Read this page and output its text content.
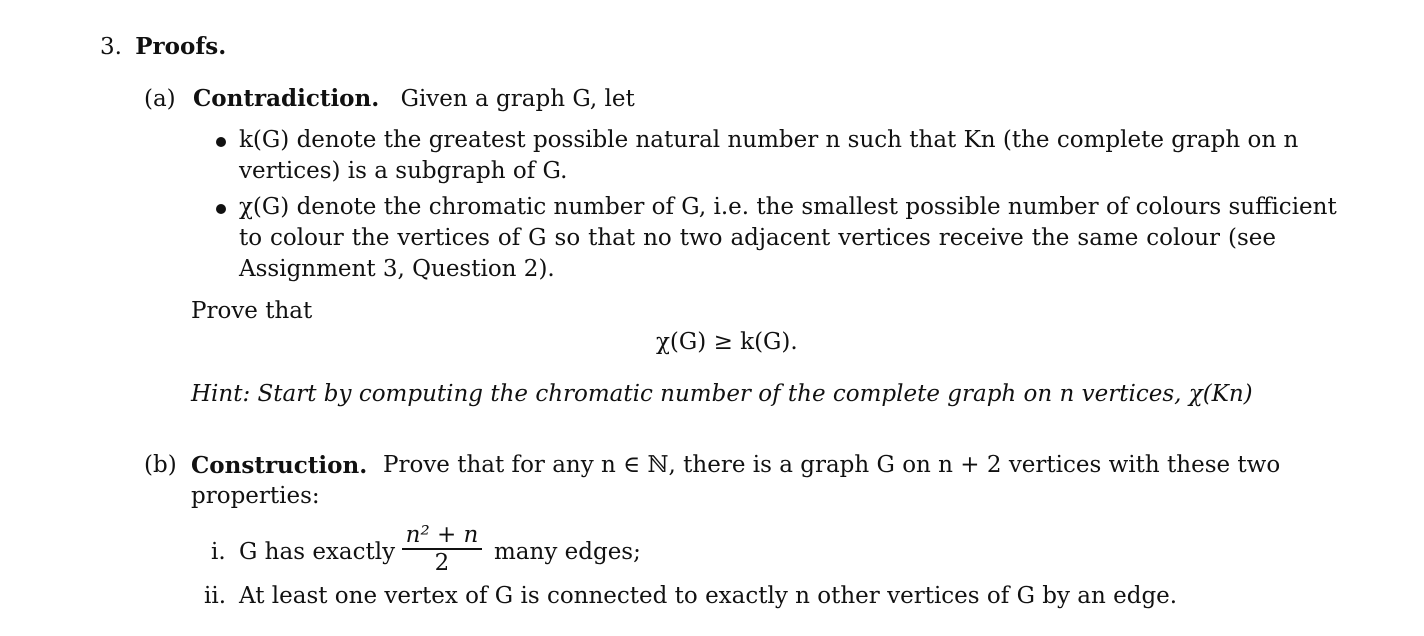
3. Proofs.
(a) Contradiction. Given a graph G, let
k(G) denote the greatest possible natural number n such that Kn (the complete graph on n
vertices) is a subgraph of G.
χ(G) denote the chromatic number of G, i.e. the smallest possible number of colours sufficient
to colour the vertices of G so that no two adjacent vertices receive the same colour (see
Assignment 3, Question 2).
Prove that
χ(G) ≥ k(G).
Hint: Start by computing the chromatic number of the complete graph on n vertices, χ(Kn)
(b) Construction. Prove that for any n ∈ ℕ, there is a graph G on n + 2 vertices with these two
properties:
i. G has exactly
n² + n
2	many edges;
ii. At least one vertex of G is connected to exactly n other vertices of G by an edge.
